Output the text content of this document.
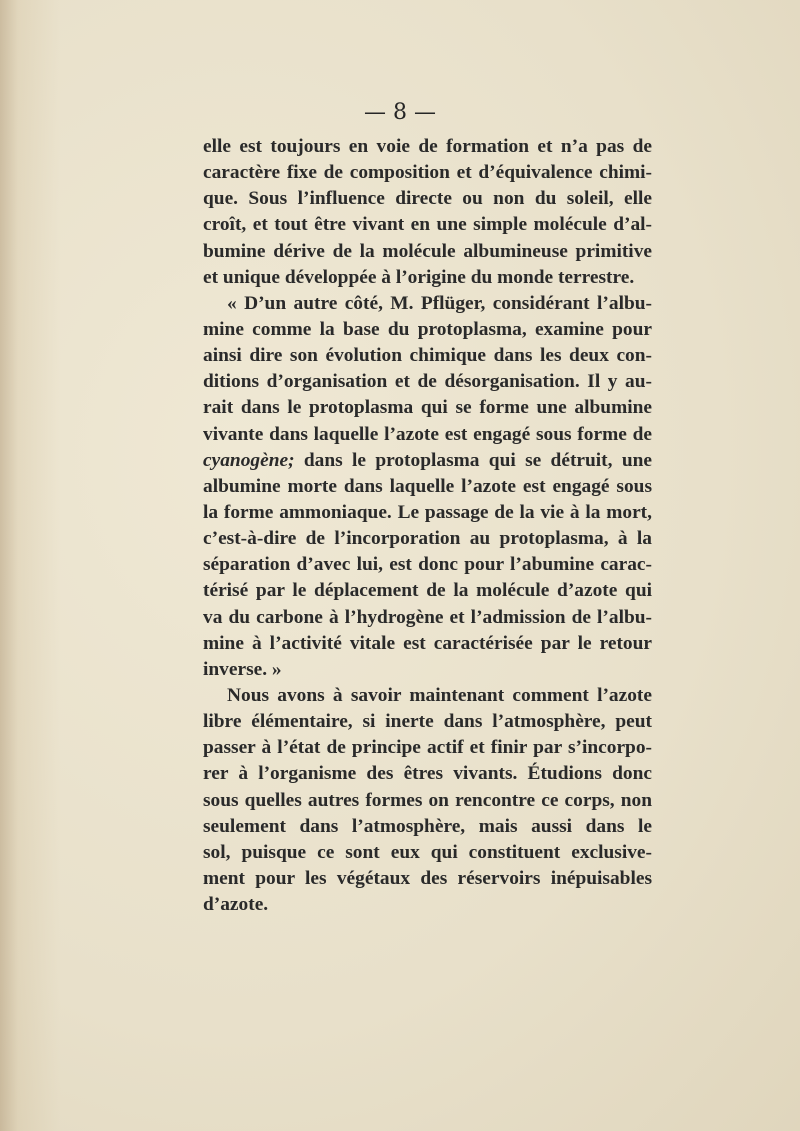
— 8 —
elle est toujours en voie de formation et n’a pas de
caractère fixe de composition et d’équivalence chimi-
que. Sous l’influence directe ou non du soleil, elle
croît, et tout être vivant en une simple molécule d’al-
bumine dérive de la molécule albumineuse primitive
et unique développée à l’origine du monde terrestre.
« D’un autre côté, M. Pflüger, considérant l’albu-
mine comme la base du protoplasma, examine pour
ainsi dire son évolution chimique dans les deux con-
ditions d’organisation et de désorganisation. Il y au-
rait dans le protoplasma qui se forme une albumine
vivante dans laquelle l’azote est engagé sous forme de
cyanogène; dans le protoplasma qui se détruit, une
albumine morte dans laquelle l’azote est engagé sous
la forme ammoniaque. Le passage de la vie à la mort,
c’est-à-dire de l’incorporation au protoplasma, à la
séparation d’avec lui, est donc pour l’abumine carac-
térisé par le déplacement de la molécule d’azote qui
va du carbone à l’hydrogène et l’admission de l’albu-
mine à l’activité vitale est caractérisée par le retour
inverse. »
Nous avons à savoir maintenant comment l’azote
libre élémentaire, si inerte dans l’atmosphère, peut
passer à l’état de principe actif et finir par s’incorpo-
rer à l’organisme des êtres vivants. Étudions donc
sous quelles autres formes on rencontre ce corps, non
seulement dans l’atmosphère, mais aussi dans le
sol, puisque ce sont eux qui constituent exclusive-
ment pour les végétaux des réservoirs inépuisables
d’azote.
